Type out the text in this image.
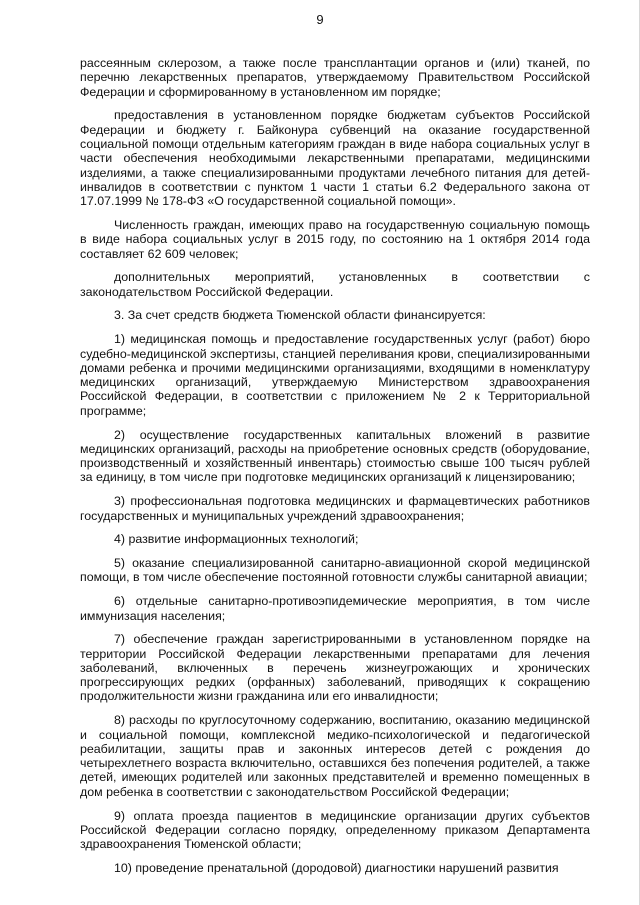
9

рассеянным склерозом, а также после трансплантации органов и (или) тканей, по перечню лекарственных препаратов, утверждаемому Правительством Российской Федерации и сформированному в установленном им порядке;

предоставления в установленном порядке бюджетам субъектов Российской Федерации и бюджету г. Байконура субвенций на оказание государственной социальной помощи отдельным категориям граждан в виде набора социальных услуг в части обеспечения необходимыми лекарственными препаратами, медицинскими изделиями, а также специализированными продуктами лечебного питания для детей-инвалидов в соответствии с пунктом 1 части 1 статьи 6.2 Федерального закона от 17.07.1999 № 178-ФЗ «О государственной социальной помощи».

Численность граждан, имеющих право на государственную социальную помощь в виде набора социальных услуг в 2015 году, по состоянию на 1 октября 2014 года составляет 62 609 человек;

дополнительных мероприятий, установленных в соответствии с законодательством Российской Федерации.

3. За счет средств бюджета Тюменской области финансируется:

1) медицинская помощь и предоставление государственных услуг (работ) бюро судебно-медицинской экспертизы, станцией переливания крови, специализированными домами ребенка и прочими медицинскими организациями, входящими в номенклатуру медицинских организаций, утверждаемую Министерством здравоохранения Российской Федерации, в соответствии с приложением № 2 к Территориальной программе;

2) осуществление государственных капитальных вложений в развитие медицинских организаций, расходы на приобретение основных средств (оборудование, производственный и хозяйственный инвентарь) стоимостью свыше 100 тысяч рублей за единицу, в том числе при подготовке медицинских организаций к лицензированию;

3) профессиональная подготовка медицинских и фармацевтических работников государственных и муниципальных учреждений здравоохранения;

4) развитие информационных технологий;

5) оказание специализированной санитарно-авиационной скорой медицинской помощи, в том числе обеспечение постоянной готовности службы санитарной авиации;

6) отдельные санитарно-противоэпидемические мероприятия, в том числе иммунизация населения;

7) обеспечение граждан зарегистрированными в установленном порядке на территории Российской Федерации лекарственными препаратами для лечения заболеваний, включенных в перечень жизнеугрожающих и хронических прогрессирующих редких (орфанных) заболеваний, приводящих к сокращению продолжительности жизни гражданина или его инвалидности;

8) расходы по круглосуточному содержанию, воспитанию, оказанию медицинской и социальной помощи, комплексной медико-психологической и педагогической реабилитации, защиты прав и законных интересов детей с рождения до четырехлетнего возраста включительно, оставшихся без попечения родителей, а также детей, имеющих родителей или законных представителей и временно помещенных в дом ребенка в соответствии с законодательством Российской Федерации;

9) оплата проезда пациентов в медицинские организации других субъектов Российской Федерации согласно порядку, определенному приказом Департамента здравоохранения Тюменской области;

10) проведение пренатальной (дородовой) диагностики нарушений развития
